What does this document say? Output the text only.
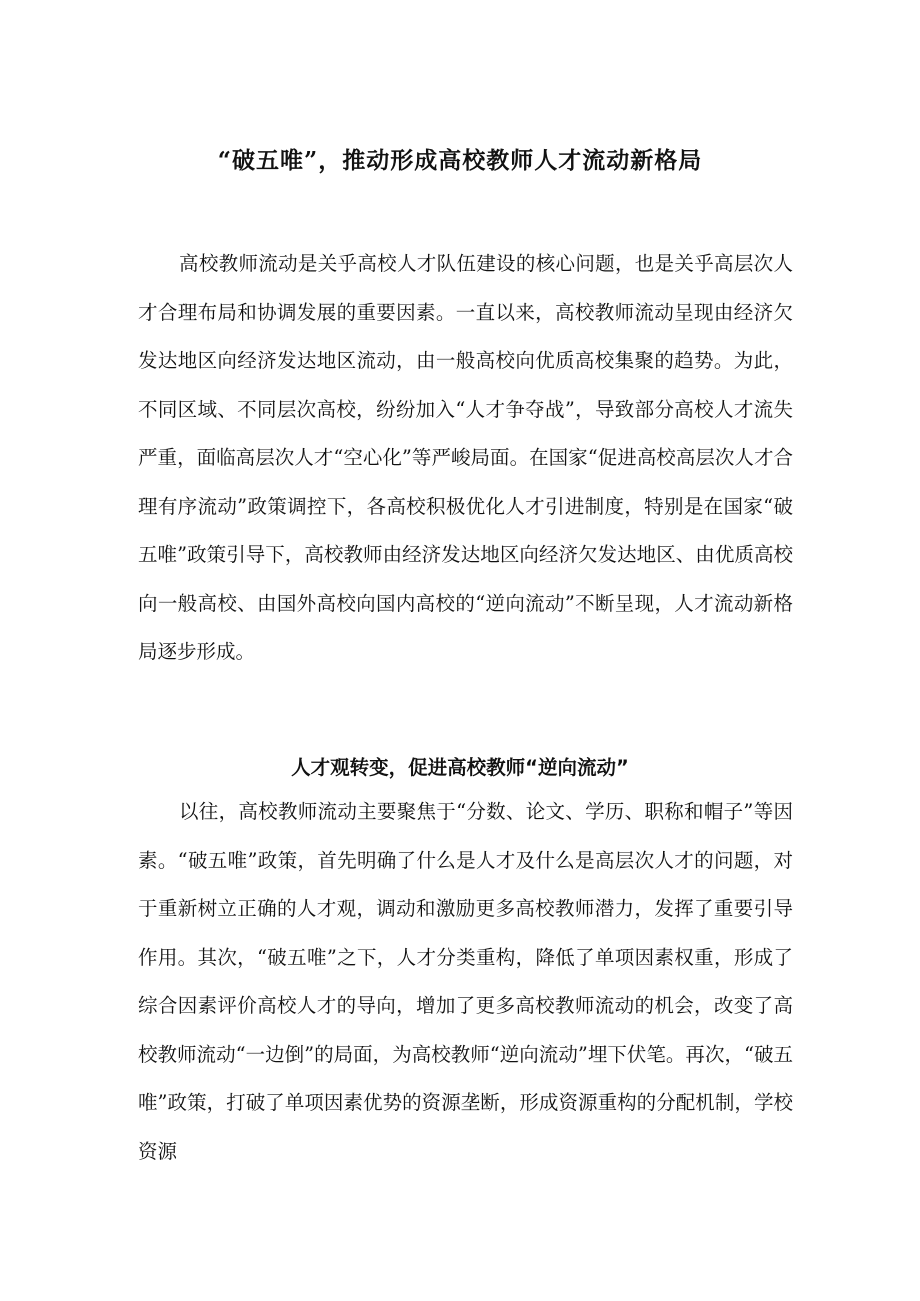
“破五唯”，推动形成高校教师人才流动新格局

高校教师流动是关乎高校人才队伍建设的核心问题，也是关乎高层次人才合理布局和协调发展的重要因素。一直以来，高校教师流动呈现由经济欠发达地区向经济发达地区流动，由一般高校向优质高校集聚的趋势。为此，不同区域、不同层次高校，纷纷加入“人才争夺战”，导致部分高校人才流失严重，面临高层次人才“空心化”等严峻局面。在国家“促进高校高层次人才合理有序流动”政策调控下，各高校积极优化人才引进制度，特别是在国家“破五唯”政策引导下，高校教师由经济发达地区向经济欠发达地区、由优质高校向一般高校、由国外高校向国内高校的“逆向流动”不断呈现，人才流动新格局逐步形成。

人才观转变，促进高校教师“逆向流动”

以往，高校教师流动主要聚焦于“分数、论文、学历、职称和帽子”等因素。“破五唯”政策，首先明确了什么是人才及什么是高层次人才的问题，对于重新树立正确的人才观，调动和激励更多高校教师潜力，发挥了重要引导作用。其次，“破五唯”之下，人才分类重构，降低了单项因素权重，形成了综合因素评价高校人才的导向，增加了更多高校教师流动的机会，改变了高校教师流动“一边倒”的局面，为高校教师“逆向流动”埋下伏笔。再次，“破五唯”政策，打破了单项因素优势的资源垄断，形成资源重构的分配机制，学校资源
